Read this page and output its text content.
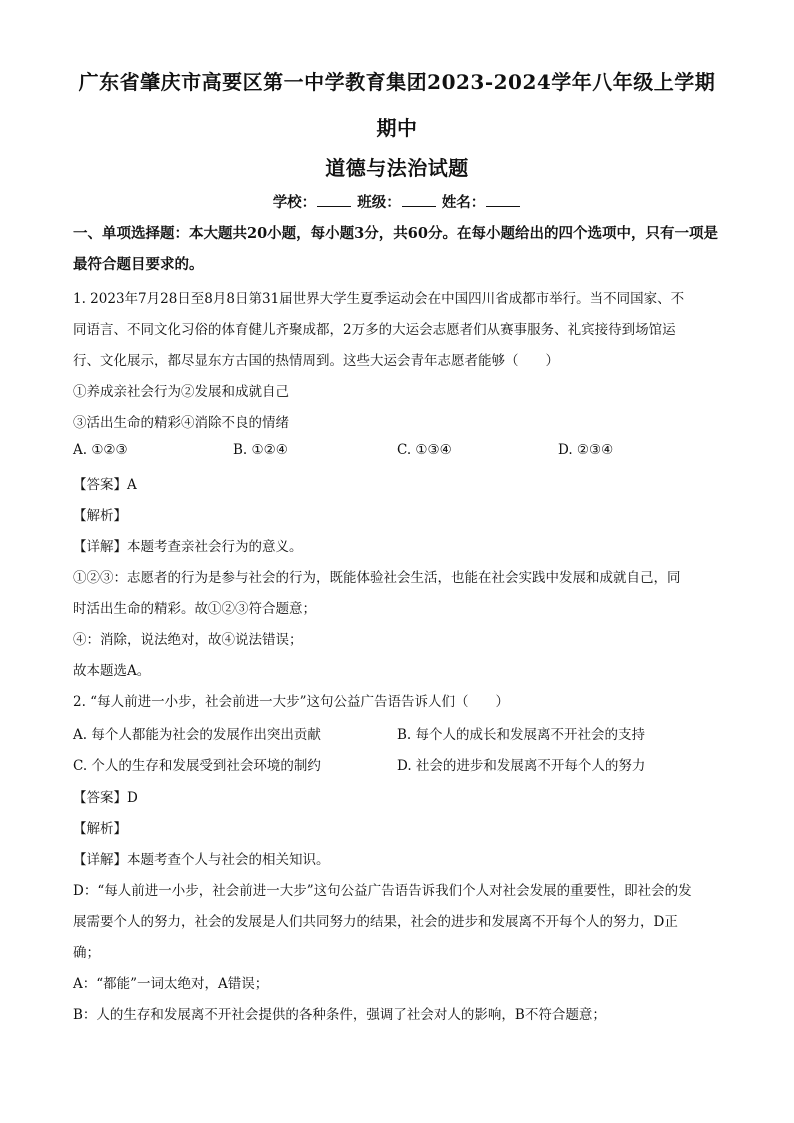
广东省肇庆市高要区第一中学教育集团2023-2024学年八年级上学期
期中
道德与法治试题
学校：	班级：	姓名：
一、单项选择题：本大题共20小题，每小题3分，共60分。在每小题给出的四个选项中，只有一项是最符合题目要求的。
1. 2023年7月28日至8月8日第31届世界大学生夏季运动会在中国四川省成都市举行。当不同国家、不
同语言、不同文化习俗的体育健儿齐聚成都，2万多的大运会志愿者们从赛事服务、礼宾接待到场馆运
行、文化展示，都尽显东方古国的热情周到。这些大运会青年志愿者能够（　　）
①养成亲社会行为②发展和成就自己
③活出生命的精彩④消除不良的情绪
A. ①②③	B. ①②④	C. ①③④	D. ②③④
【答案】A
【解析】
【详解】本题考查亲社会行为的意义。
①②③：志愿者的行为是参与社会的行为，既能体验社会生活，也能在社会实践中发展和成就自己，同
时活出生命的精彩。故①②③符合题意；
④：消除，说法绝对，故④说法错误；
故本题选A。
2. “每人前进一小步，社会前进一大步”这句公益广告语告诉人们（　　）
A. 每个人都能为社会的发展作出突出贡献	B. 每个人的成长和发展离不开社会的支持
C. 个人的生存和发展受到社会环境的制约	D. 社会的进步和发展离不开每个人的努力
【答案】D
【解析】
【详解】本题考查个人与社会的相关知识。
D：“每人前进一小步，社会前进一大步”这句公益广告语告诉我们个人对社会发展的重要性，即社会的发
展需要个人的努力，社会的发展是人们共同努力的结果，社会的进步和发展离不开每个人的努力，D正
确；
A：“都能”一词太绝对，A错误；
B：人的生存和发展离不开社会提供的各种条件，强调了社会对人的影响，B不符合题意；
